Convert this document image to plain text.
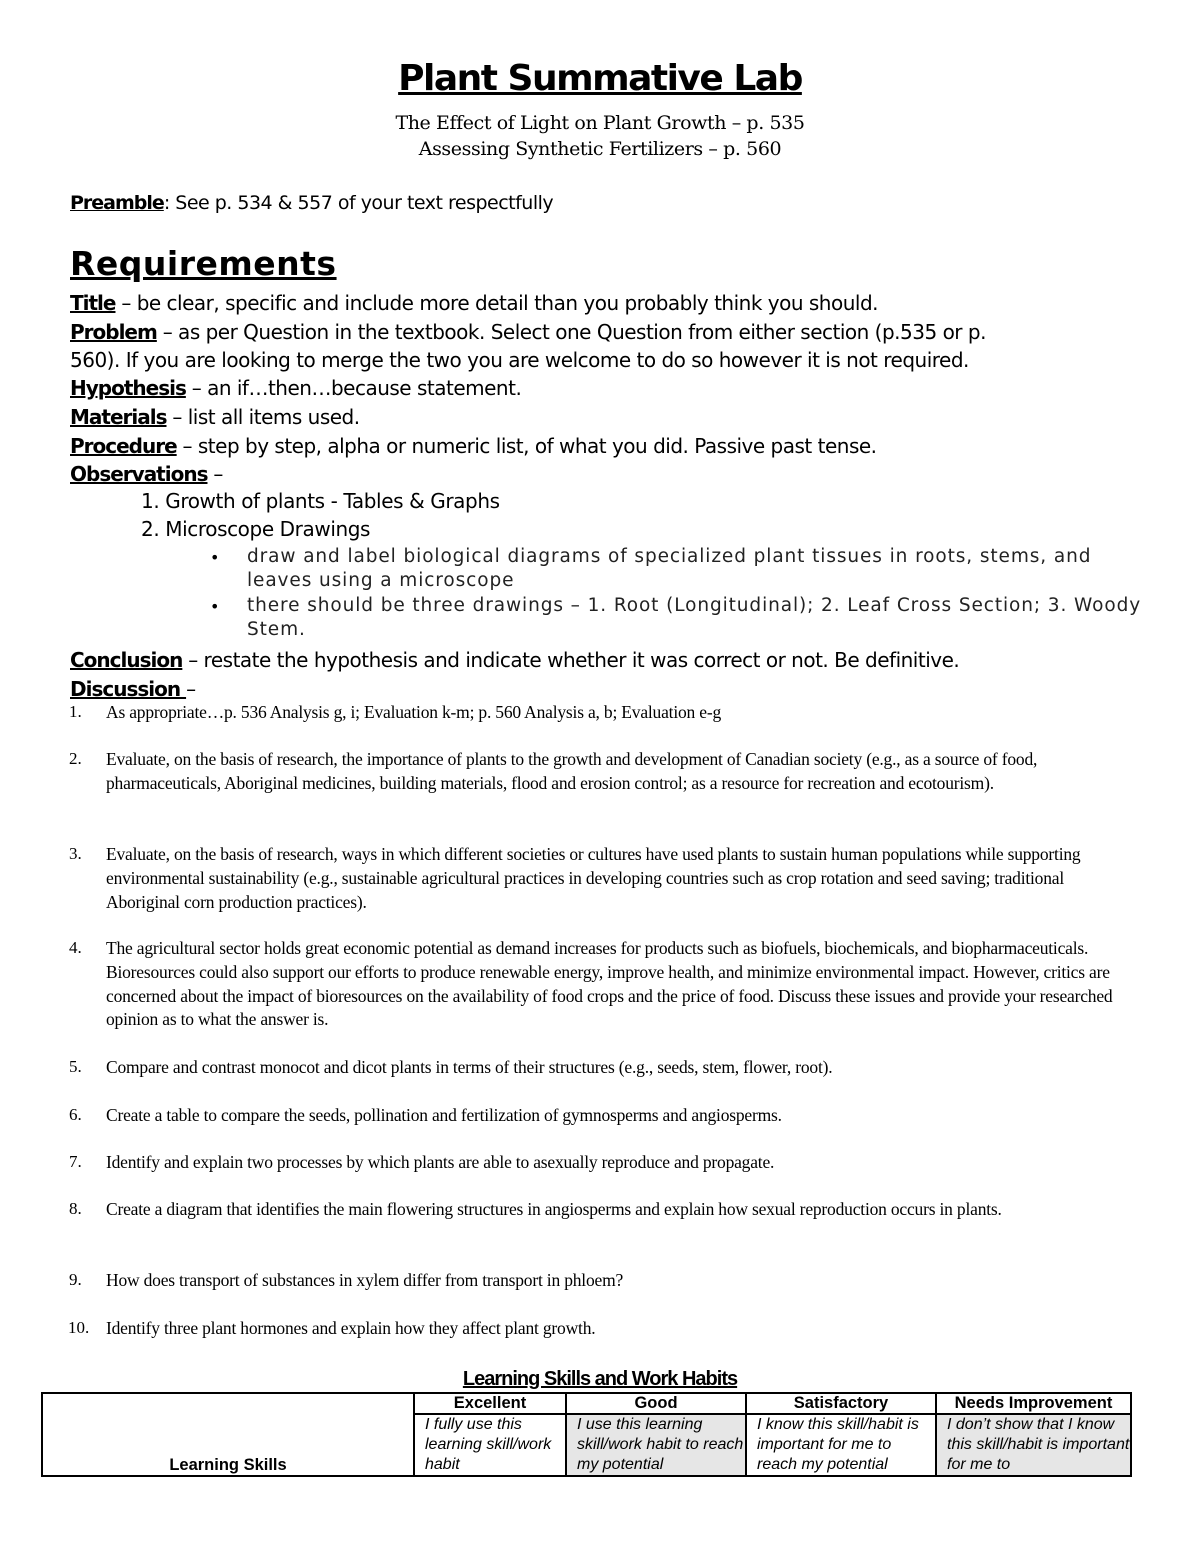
Plant Summative Lab
The Effect of Light on Plant Growth – p. 535
Assessing Synthetic Fertilizers – p. 560
Preamble: See p. 534 & 557 of your text respectfully
Requirements
Title – be clear, specific and include more detail than you probably think you should.
Problem – as per Question in the textbook. Select one Question from either section (p.535 or p.
560). If you are looking to merge the two you are welcome to do so however it is not required.
Hypothesis – an if…then…because statement.
Materials – list all items used.
Procedure – step by step, alpha or numeric list, of what you did. Passive past tense.
Observations –
1. Growth of plants - Tables & Graphs
2. Microscope Drawings
• draw and label biological diagrams of specialized plant tissues in roots, stems, and leaves using a microscope
• there should be three drawings – 1. Root (Longitudinal); 2. Leaf Cross Section; 3. Woody Stem.
Conclusion – restate the hypothesis and indicate whether it was correct or not. Be definitive.
Discussion –
1. As appropriate…p. 536 Analysis g, i; Evaluation k-m; p. 560 Analysis a, b; Evaluation e-g
2. Evaluate, on the basis of research, the importance of plants to the growth and development of Canadian society (e.g., as a source of food, pharmaceuticals, Aboriginal medicines, building materials, flood and erosion control; as a resource for recreation and ecotourism).
3. Evaluate, on the basis of research, ways in which different societies or cultures have used plants to sustain human populations while supporting environmental sustainability (e.g., sustainable agricultural practices in developing countries such as crop rotation and seed saving; traditional Aboriginal corn production practices).
4. The agricultural sector holds great economic potential as demand increases for products such as biofuels, biochemicals, and biopharmaceuticals. Bioresources could also support our efforts to produce renewable energy, improve health, and minimize environmental impact. However, critics are concerned about the impact of bioresources on the availability of food crops and the price of food. Discuss these issues and provide your researched opinion as to what the answer is.
5. Compare and contrast monocot and dicot plants in terms of their structures (e.g., seeds, stem, flower, root).
6. Create a table to compare the seeds, pollination and fertilization of gymnosperms and angiosperms.
7. Identify and explain two processes by which plants are able to asexually reproduce and propagate.
8. Create a diagram that identifies the main flowering structures in angiosperms and explain how sexual reproduction occurs in plants.
9. How does transport of substances in xylem differ from transport in phloem?
10. Identify three plant hormones and explain how they affect plant growth.
Learning Skills and Work Habits
Learning Skills	Excellent	Good	Satisfactory	Needs Improvement
	I fully use this learning skill/work habit	I use this learning skill/work habit to reach my potential	I know this skill/habit is important for me to reach my potential	I don’t show that I know this skill/habit is important for me to
